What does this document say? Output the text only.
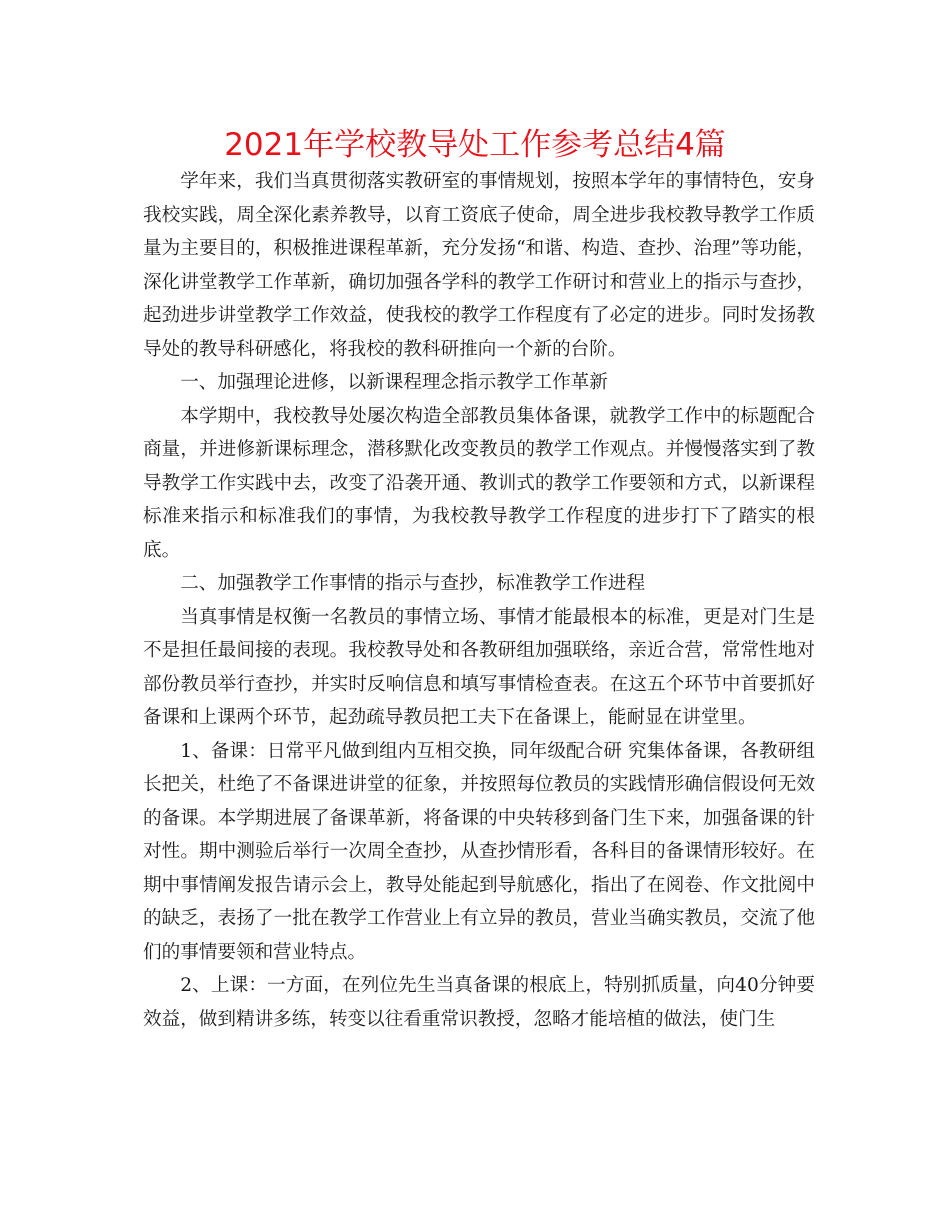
2021年学校教导处工作参考总结4篇

学年来，我们当真贯彻落实教研室的事情规划，按照本学年的事情特色，安身我校实践，周全深化素养教导，以育工资底子使命，周全进步我校教导教学工作质量为主要目的，积极推进课程革新，充分发扬“和谐、构造、查抄、治理”等功能，深化讲堂教学工作革新，确切加强各学科的教学工作研讨和营业上的指示与查抄，起劲进步讲堂教学工作效益，使我校的教学工作程度有了必定的进步。同时发扬教导处的教导科研感化，将我校的教科研推向一个新的台阶。

一、加强理论进修，以新课程理念指示教学工作革新

本学期中，我校教导处屡次构造全部教员集体备课，就教学工作中的标题配合商量，并进修新课标理念，潜移默化改变教员的教学工作观点。并慢慢落实到了教导教学工作实践中去，改变了沿袭开通、教训式的教学工作要领和方式，以新课程标准来指示和标准我们的事情，为我校教导教学工作程度的进步打下了踏实的根底。

二、加强教学工作事情的指示与查抄，标准教学工作进程

当真事情是权衡一名教员的事情立场、事情才能最根本的标准，更是对门生是不是担任最间接的表现。我校教导处和各教研组加强联络，亲近合营，常常性地对部份教员举行查抄，并实时反响信息和填写事情检查表。在这五个环节中首要抓好备课和上课两个环节，起劲疏导教员把工夫下在备课上，能耐显在讲堂里。

1、备课：日常平凡做到组内互相交换，同年级配合研 究集体备课，各教研组长把关，杜绝了不备课进讲堂的征象，并按照每位教员的实践情形确信假设何无效的备课。本学期进展了备课革新，将备课的中央转移到备门生下来，加强备课的针对性。期中测验后举行一次周全查抄，从查抄情形看，各科目的备课情形较好。在期中事情阐发报告请示会上，教导处能起到导航感化，指出了在阅卷、作文批阅中的缺乏，表扬了一批在教学工作营业上有立异的教员，营业当确实教员，交流了他们的事情要领和营业特点。

2、上课：一方面，在列位先生当真备课的根底上，特别抓质量，向40分钟要效益，做到精讲多练，转变以往看重常识教授，忽略才能培植的做法，使门生
